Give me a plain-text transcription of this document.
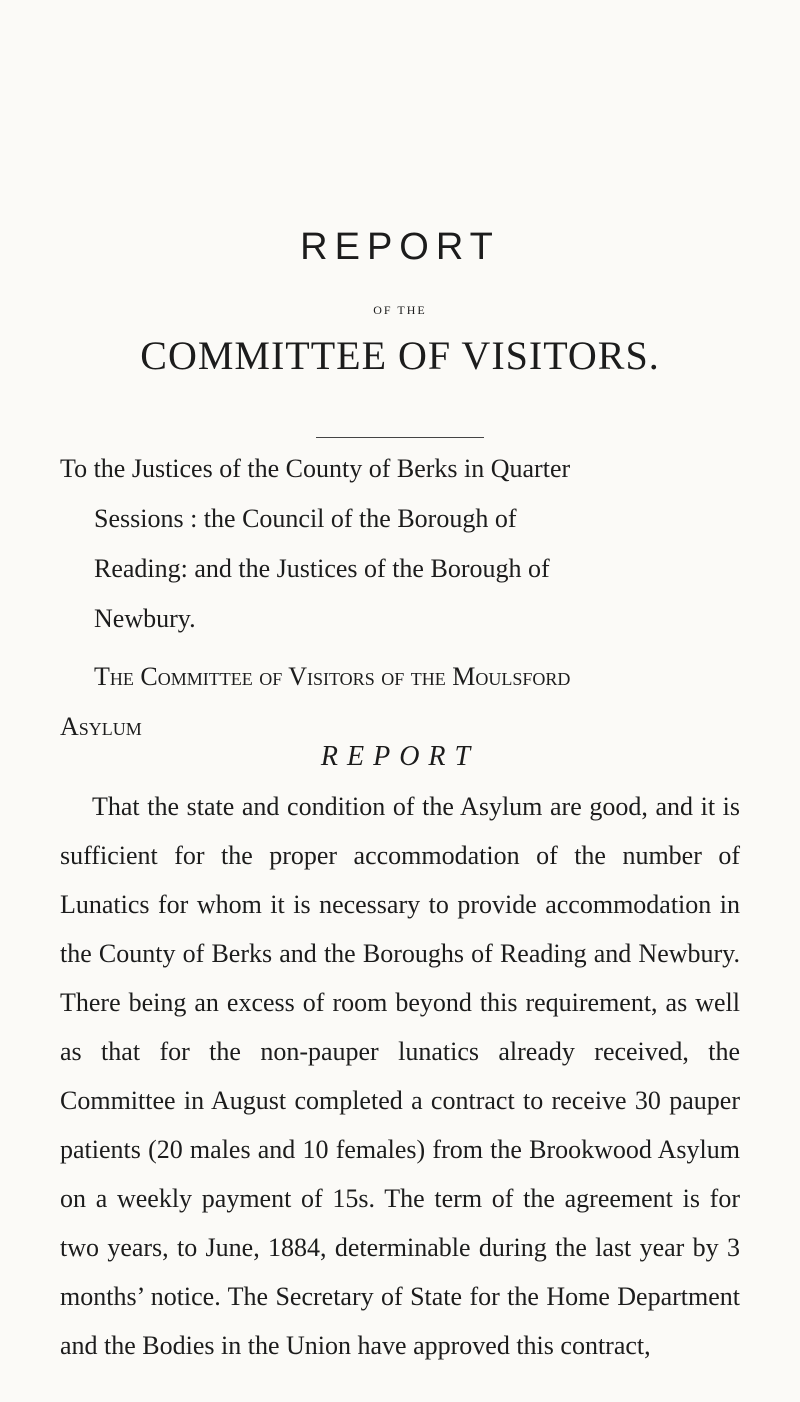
REPORT
OF THE
COMMITTEE OF VISITORS.
To the Justices of the County of Berks in Quarter
Sessions : the Council of the Borough of
Reading: and the Justices of the Borough of
Newbury.

The Committee of Visitors of the Moulsford

Asylum

REPORT

That the state and condition of the Asylum are good, and it is sufficient for the proper accommodation of the number of Lunatics for whom it is necessary to provide accommodation in the County of Berks and the Boroughs of Reading and Newbury. There being an excess of room beyond this requirement, as well as that for the non-pauper lunatics already received, the Committee in August completed a contract to receive 30 pauper patients (20 males and 10 females) from the Brookwood Asylum on a weekly payment of 15s. The term of the agreement is for two years, to June, 1884, determinable during the last year by 3 months’ notice. The Secretary of State for the Home Department and the Bodies in the Union have approved this contract,
